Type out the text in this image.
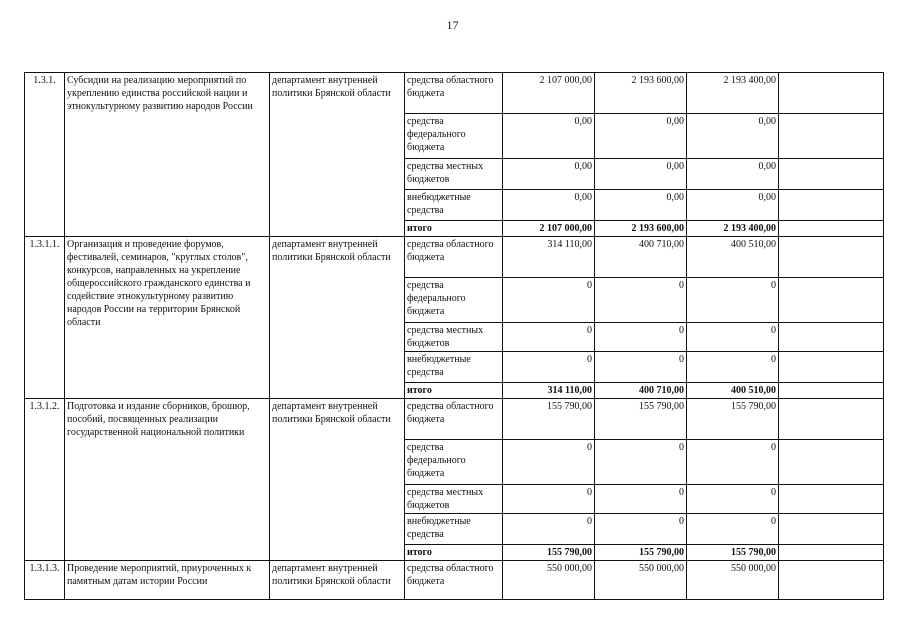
17
1.3.1.	Субсидии на реализацию мероприятий по укреплению единства российской нации и этнокультурному развитию народов России	департамент внутренней политики Брянской области	средства областного бюджета	2 107 000,00	2 193 600,00	2 193 400,00	
			средства федерального бюджета	0,00	0,00	0,00	
			средства местных бюджетов	0,00	0,00	0,00	
			внебюджетные средства	0,00	0,00	0,00	
			итого	2 107 000,00	2 193 600,00	2 193 400,00	
1.3.1.1.	Организация и проведение форумов, фестивалей, семинаров, "круглых столов", конкурсов, направленных на укрепление общероссийского гражданского единства и содействие этнокультурному развитию народов России на территории Брянской области	департамент внутренней политики Брянской области	средства областного бюджета	314 110,00	400 710,00	400 510,00	
			средства федерального бюджета	0	0	0	
			средства местных бюджетов	0	0	0	
			внебюджетные средства	0	0	0	
			итого	314 110,00	400 710,00	400 510,00	
1.3.1.2.	Подготовка и издание сборников, брошюр, пособий, посвященных реализации государственной национальной политики	департамент внутренней политики Брянской области	средства областного бюджета	155 790,00	155 790,00	155 790,00	
			средства федерального бюджета	0	0	0	
			средства местных бюджетов	0	0	0	
			внебюджетные средства	0	0	0	
			итого	155 790,00	155 790,00	155 790,00	
1.3.1.3.	Проведение мероприятий, приуроченных к памятным датам истории России	департамент внутренней политики Брянской области	средства областного бюджета	550 000,00	550 000,00	550 000,00	
